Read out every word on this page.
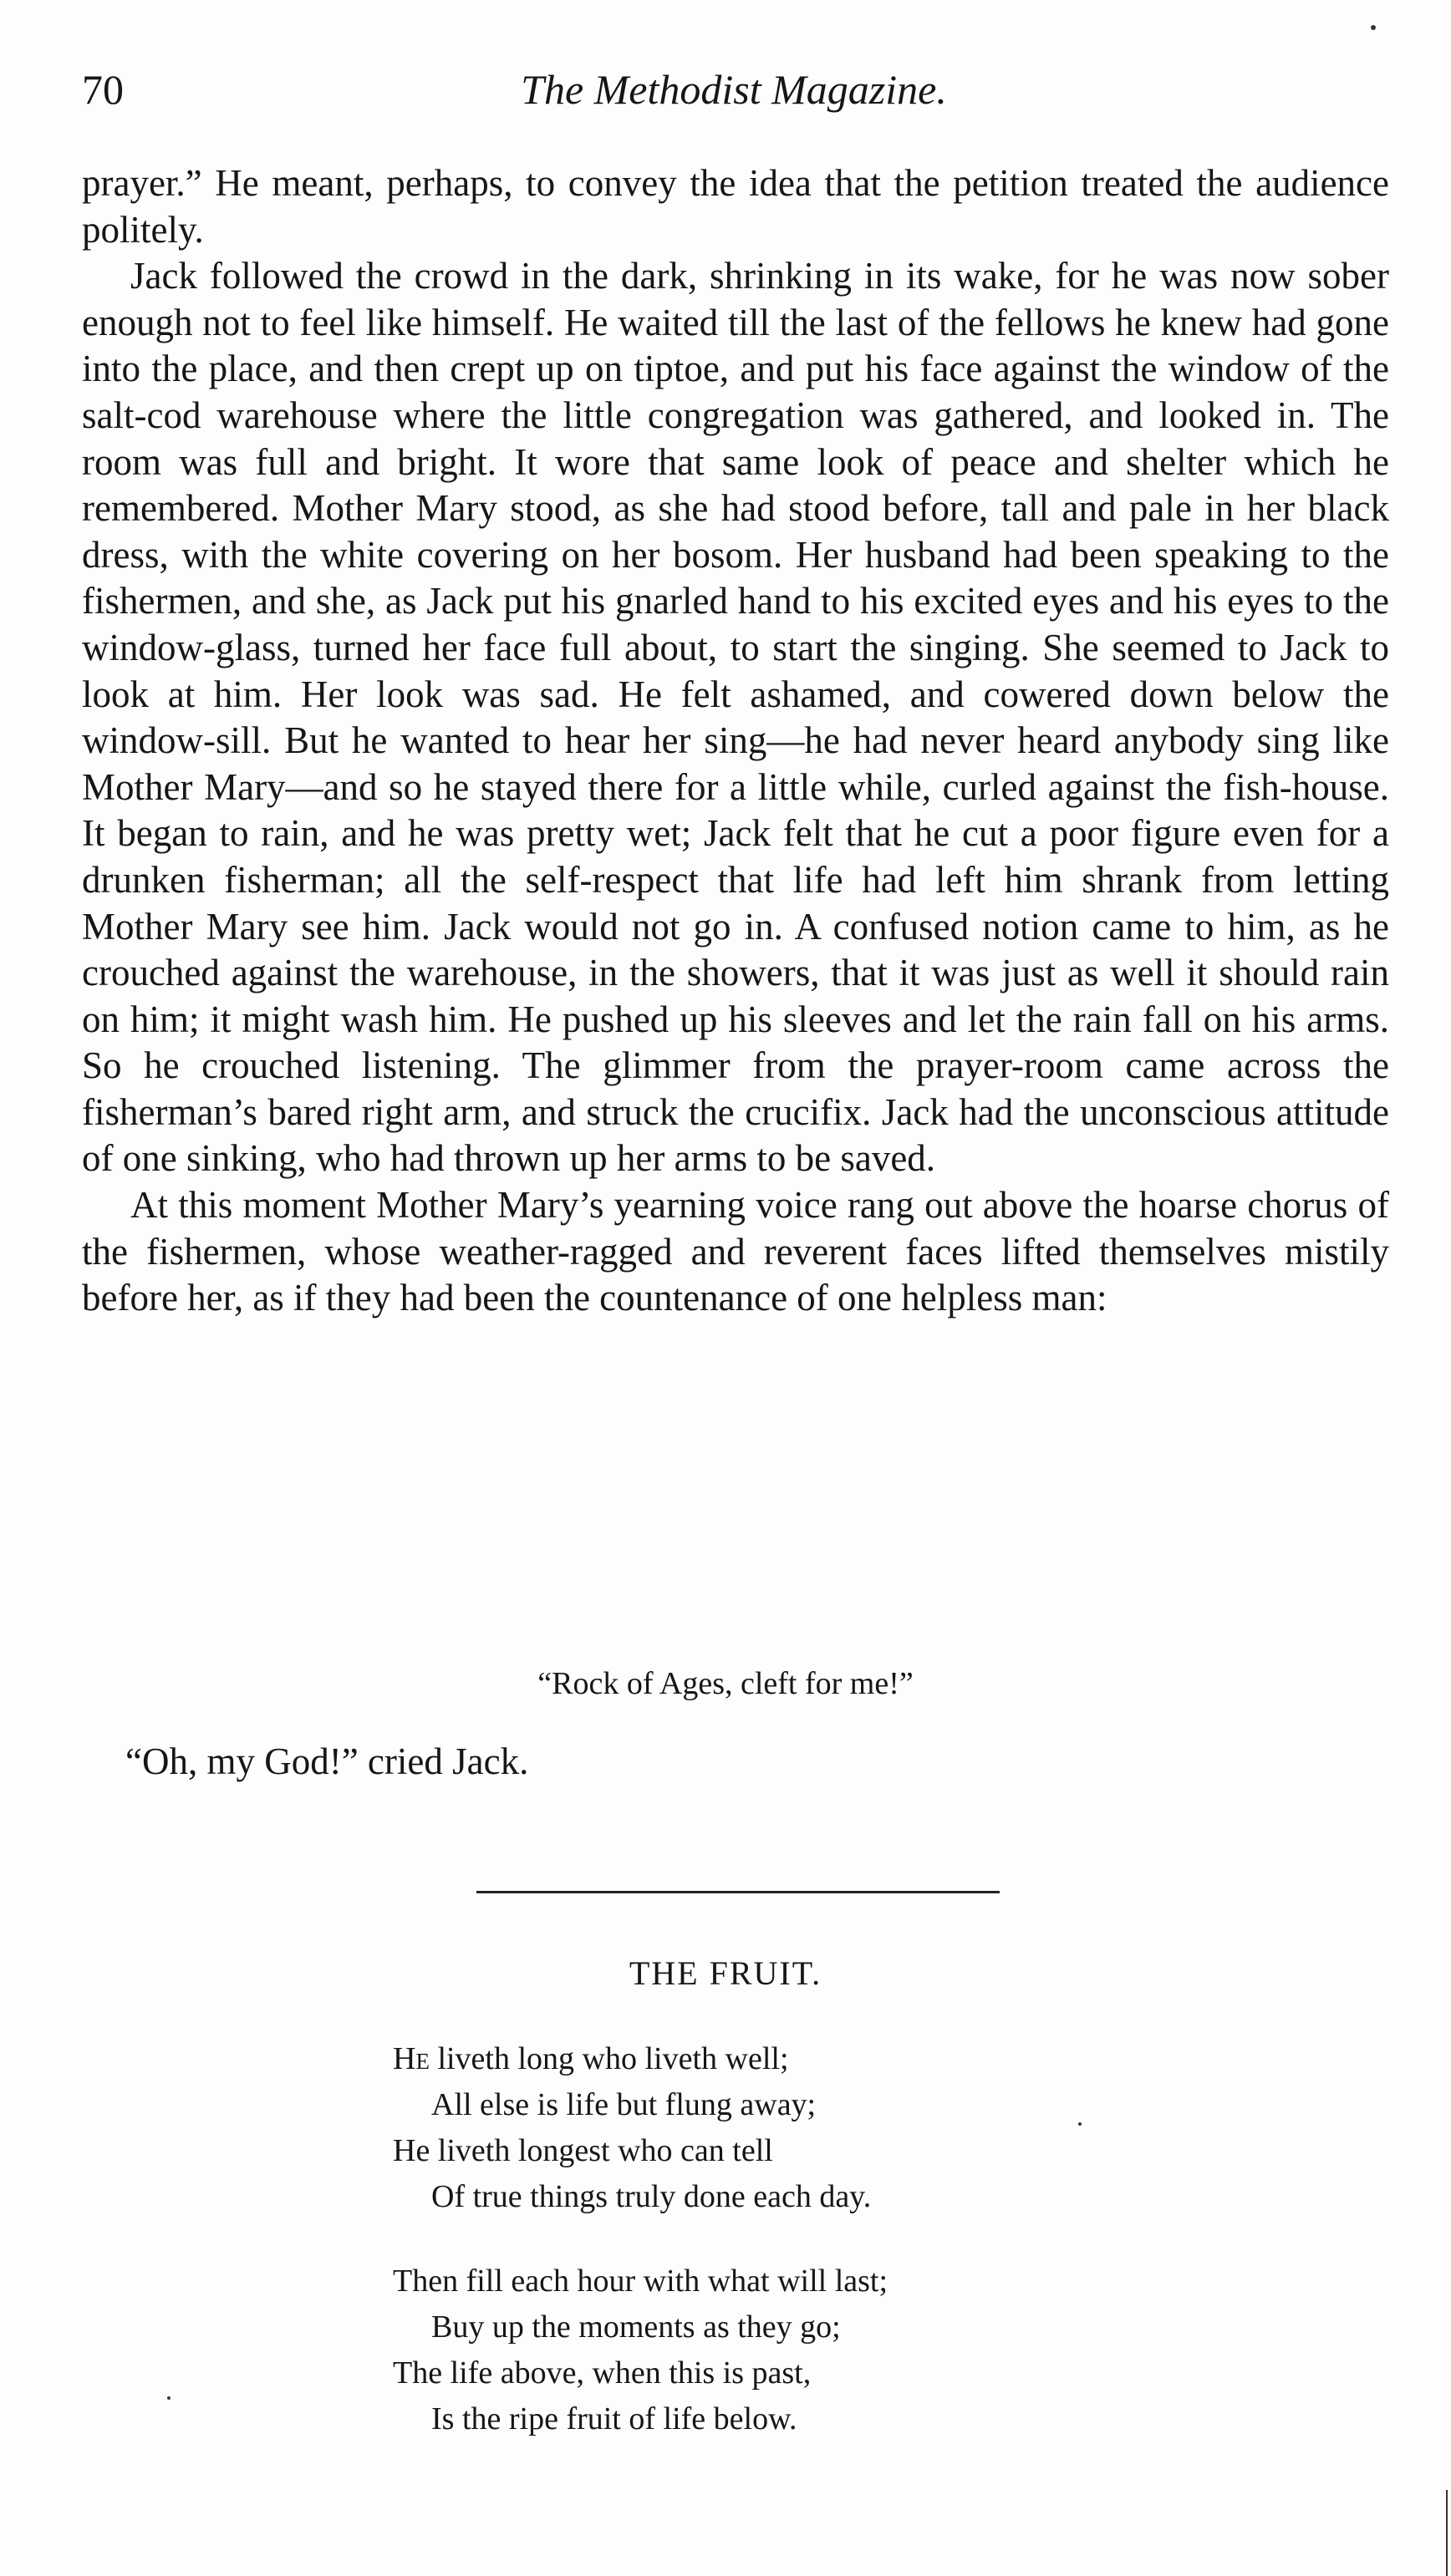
70	The Methodist Magazine.

prayer.” He meant, perhaps, to convey the idea that the petition treated the audience politely.

Jack followed the crowd in the dark, shrinking in its wake, for he was now sober enough not to feel like himself. He waited till the last of the fellows he knew had gone into the place, and then crept up on tiptoe, and put his face against the window of the salt-cod warehouse where the little congregation was gathered, and looked in. The room was full and bright. It wore that same look of peace and shelter which he remembered. Mother Mary stood, as she had stood before, tall and pale in her black dress, with the white covering on her bosom. Her husband had been speaking to the fishermen, and she, as Jack put his gnarled hand to his excited eyes and his eyes to the window-glass, turned her face full about, to start the singing. She seemed to Jack to look at him. Her look was sad. He felt ashamed, and cowered down below the window-sill. But he wanted to hear her sing—he had never heard anybody sing like Mother Mary—and so he stayed there for a little while, curled against the fish-house. It began to rain, and he was pretty wet; Jack felt that he cut a poor figure even for a drunken fisherman; all the self-respect that life had left him shrank from letting Mother Mary see him. Jack would not go in. A confused notion came to him, as he crouched against the warehouse, in the showers, that it was just as well it should rain on him; it might wash him. He pushed up his sleeves and let the rain fall on his arms. So he crouched listening. The glimmer from the prayer-room came across the fisherman’s bared right arm, and struck the crucifix. Jack had the unconscious attitude of one sinking, who had thrown up her arms to be saved.

At this moment Mother Mary’s yearning voice rang out above the hoarse chorus of the fishermen, whose weather-ragged and reverent faces lifted themselves mistily before her, as if they had been the countenance of one helpless man:

“Rock of Ages, cleft for me!”
“Oh, my God!” cried Jack.
THE FRUIT.
He liveth long who liveth well;
All else is life but flung away;
He liveth longest who can tell
Of true things truly done each day.
Then fill each hour with what will last;
Buy up the moments as they go;
The life above, when this is past,
Is the ripe fruit of life below.
